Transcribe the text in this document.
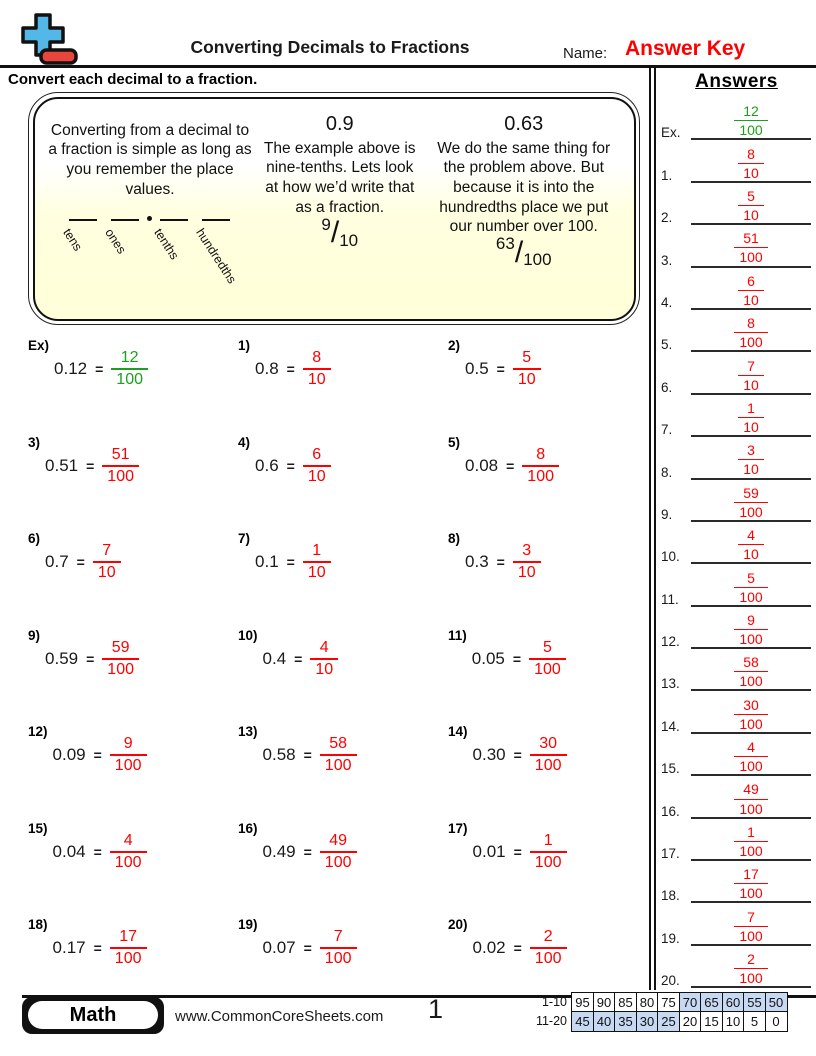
Converting Decimals to Fractions	Name: Answer Key
Convert each decimal to a fraction.
Converting from a decimal to a fraction is simple as long as you remember the place values.
tens ones tenths hundredths
0.9
The example above is nine-tenths. Lets look at how we’d write that as a fraction.
9 / 10
0.63
We do the same thing for the problem above. But because it is into the hundredths place we put our number over 100.
63 / 100
Ex)
$0.12 = \frac{12}{100}$
1)
$0.8 = \frac{8}{10}$
2)
$0.5 = \frac{5}{10}$
3)
$0.51 = \frac{51}{100}$
4)
$0.6 = \frac{6}{10}$
5)
$0.08 = \frac{8}{100}$
6)
$0.7 = \frac{7}{10}$
7)
$0.1 = \frac{1}{10}$
8)
$0.3 = \frac{3}{10}$
9)
$0.59 = \frac{59}{100}$
10)
$0.4 = \frac{4}{10}$
11)
$0.05 = \frac{5}{100}$
12)
$0.09 = \frac{9}{100}$
13)
$0.58 = \frac{58}{100}$
14)
$0.30 = \frac{30}{100}$
15)
$0.04 = \frac{4}{100}$
16)
$0.49 = \frac{49}{100}$
17)
$0.01 = \frac{1}{100}$
18)
$0.17 = \frac{17}{100}$
19)
$0.07 = \frac{7}{100}$
20)
$0.02 = \frac{2}{100}$
Answers
Ex.	$\frac{12}{100}$
1.	$\frac{8}{10}$
2.	$\frac{5}{10}$
3.	$\frac{51}{100}$
4.	$\frac{6}{10}$
5.	$\frac{8}{100}$
6.	$\frac{7}{10}$
7.	$\frac{1}{10}$
8.	$\frac{3}{10}$
9.	$\frac{59}{100}$
10.	$\frac{4}{10}$
11.	$\frac{5}{100}$
12.	$\frac{9}{100}$
13.	$\frac{58}{100}$
14.	$\frac{30}{100}$
15.	$\frac{4}{100}$
16.	$\frac{49}{100}$
17.	$\frac{1}{100}$
18.	$\frac{17}{100}$
19.	$\frac{7}{100}$
20.	$\frac{2}{100}$
Math	www.CommonCoreSheets.com 1	1-10 95 90 85 80 75 70 65 60 55 50
11-20 45 40 35 30 25 20 15 10 5	0
